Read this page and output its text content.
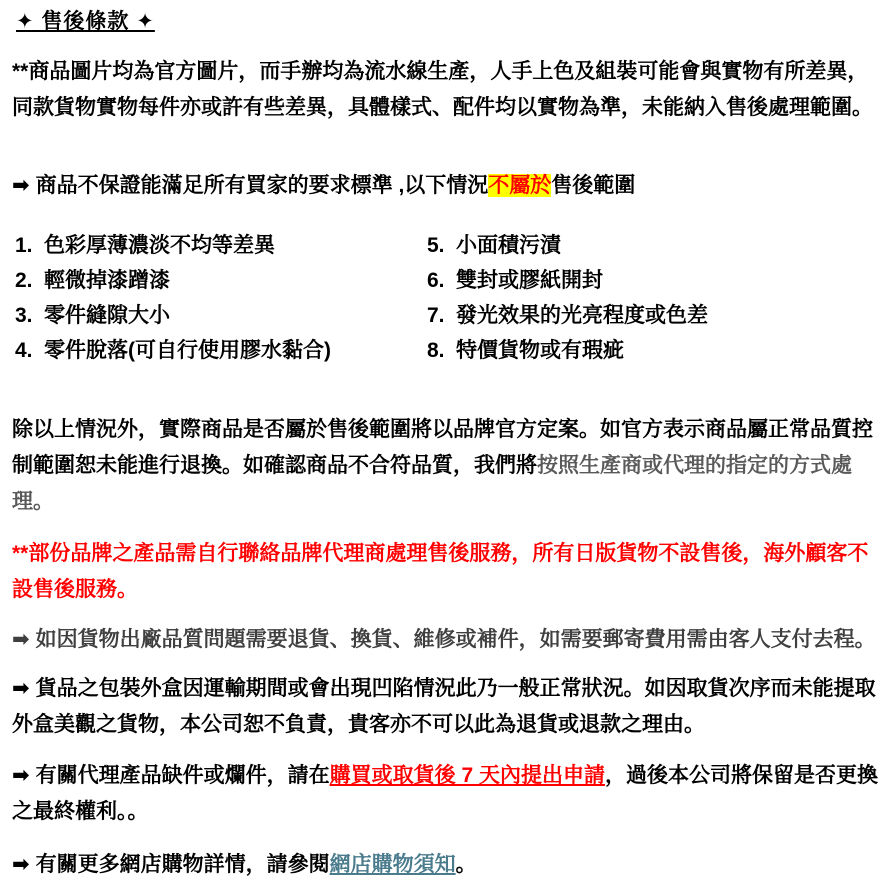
✦ 售後條款 ✦

**商品圖片均為官方圖片，而手辦均為流水線生產，人手上色及組裝可能會與實物有所差異，同款貨物實物每件亦或許有些差異，具體樣式、配件均以實物為準，未能納入售後處理範圍。

➡ 商品不保證能滿足所有買家的要求標準 ,以下情況不屬於售後範圍

1. 色彩厚薄濃淡不均等差異
2. 輕微掉漆蹭漆
3. 零件縫隙大小
4. 零件脫落(可自行使用膠水黏合)
5. 小面積污漬
6. 雙封或膠紙開封
7. 發光效果的光亮程度或色差
8. 特價貨物或有瑕疵

除以上情況外，實際商品是否屬於售後範圍將以品牌官方定案。如官方表示商品屬正常品質控制範圍恕未能進行退換。如確認商品不合符品質，我們將按照生產商或代理的指定的方式處理。

**部份品牌之產品需自行聯絡品牌代理商處理售後服務，所有日版貨物不設售後，海外顧客不設售後服務。

➡ 如因貨物出廠品質問題需要退貨、換貨、維修或補件，如需要郵寄費用需由客人支付去程。

➡ 貨品之包裝外盒因運輸期間或會出現凹陷情況此乃一般正常狀況。如因取貨次序而未能提取外盒美觀之貨物，本公司恕不負責，貴客亦不可以此為退貨或退款之理由。

➡ 有關代理產品缺件或爛件，請在購買或取貨後 7 天內提出申請，過後本公司將保留是否更換之最終權利。。

➡ 有關更多網店購物詳情，請參閱網店購物須知。
